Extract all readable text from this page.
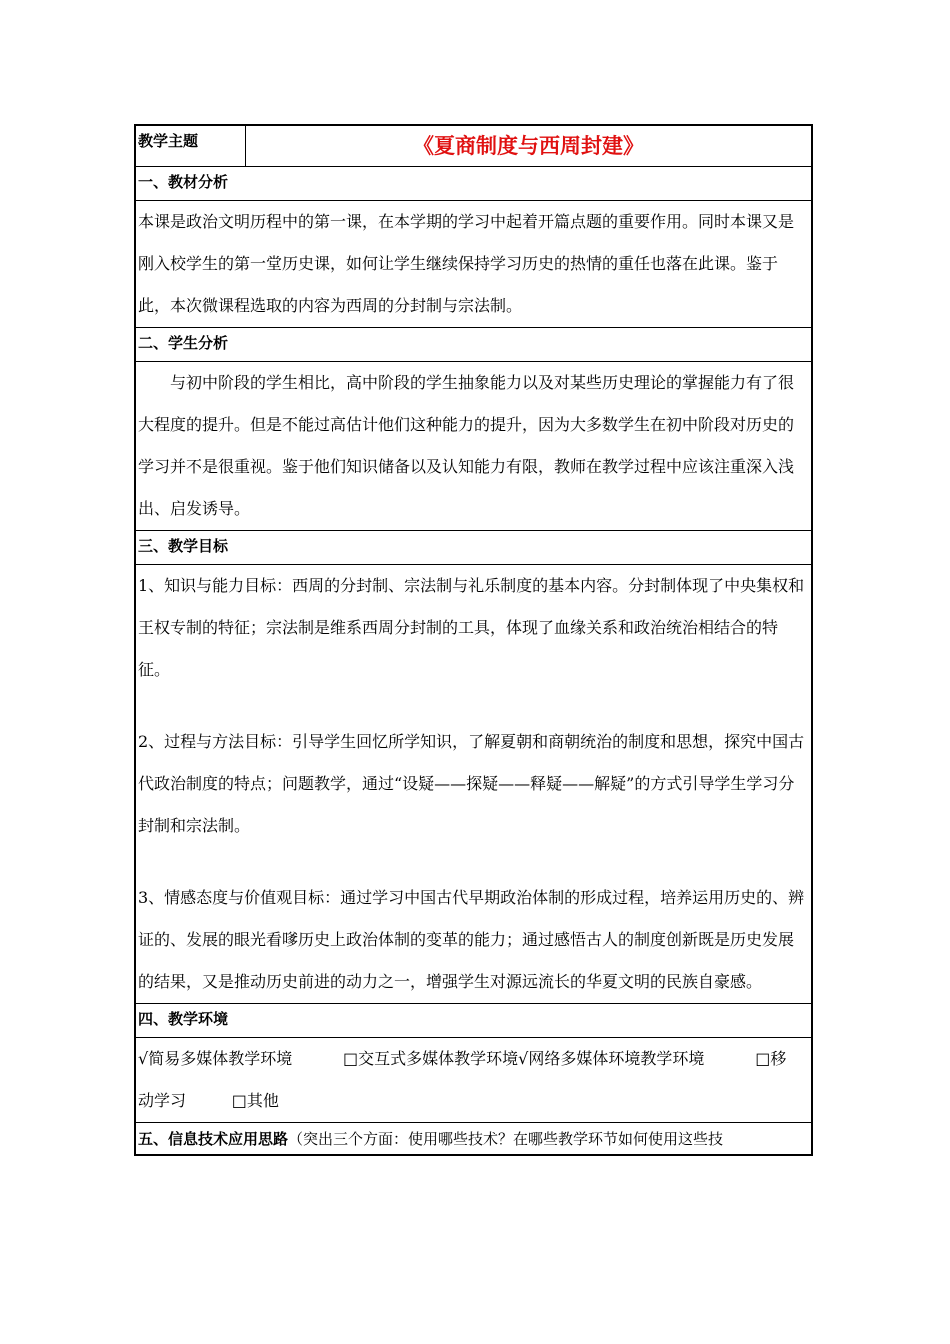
教学主题	《夏商制度与西周封建》
一、教材分析

本课是政治文明历程中的第一课，在本学期的学习中起着开篇点题的重要作用。同时本课又是刚入校学生的第一堂历史课，如何让学生继续保持学习历史的热情的重任也落在此课。鉴于此，本次微课程选取的内容为西周的分封制与宗法制。

二、学生分析

与初中阶段的学生相比，高中阶段的学生抽象能力以及对某些历史理论的掌握能力有了很大程度的提升。但是不能过高估计他们这种能力的提升，因为大多数学生在初中阶段对历史的学习并不是很重视。鉴于他们知识储备以及认知能力有限，教师在教学过程中应该注重深入浅出、启发诱导。

三、教学目标

1、知识与能力目标：西周的分封制、宗法制与礼乐制度的基本内容。分封制体现了中央集权和王权专制的特征；宗法制是维系西周分封制的工具，体现了血缘关系和政治统治相结合的特征。

2、过程与方法目标：引导学生回忆所学知识，了解夏朝和商朝统治的制度和思想，探究中国古代政治制度的特点；问题教学，通过“设疑——探疑——释疑——解疑”的方式引导学生学习分封制和宗法制。

3、情感态度与价值观目标：通过学习中国古代早期政治体制的形成过程，培养运用历史的、辨证的、发展的眼光看嗲历史上政治体制的变革的能力；通过感悟古人的制度创新既是历史发展的结果，又是推动历史前进的动力之一，增强学生对源远流长的华夏文明的民族自豪感。

四、教学环境
√简易多媒体教学环境          □交互式多媒体教学环境√网络多媒体环境教学环境          □移
动学习         □其他
五、信息技术应用思路（突出三个方面：使用哪些技术？在哪些教学环节如何使用这些技
